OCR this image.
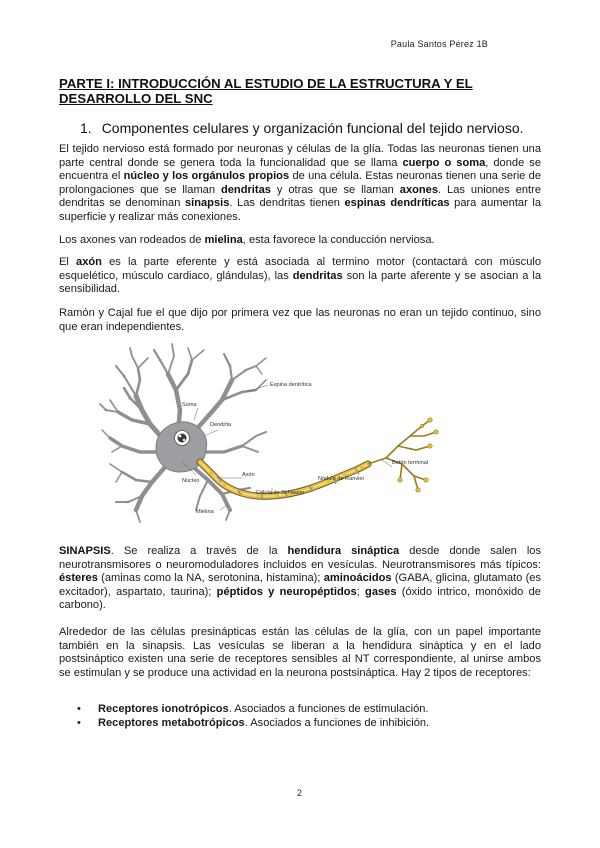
Paula Santos Pérez 1B
PARTE I: INTRODUCCIÓN AL ESTUDIO DE LA ESTRUCTURA Y EL DESARROLLO DEL SNC
1. Componentes celulares y organización funcional del tejido nervioso.
El tejido nervioso está formado por neuronas y células de la glía. Todas las neuronas tienen una parte central donde se genera toda la funcionalidad que se llama cuerpo o soma, donde se encuentra el núcleo y los orgánulos propios de una célula. Estas neuronas tienen una serie de prolongaciones que se llaman dendritas y otras que se llaman axones. Las uniones entre dendritas se denominan sinapsis. Las dendritas tienen espinas dendríticas para aumentar la superficie y realizar más conexiones.
Los axones van rodeados de mielina, esta favorece la conducción nerviosa.
El axón es la parte eferente y está asociada al termino motor (contactará con músculo esquelético, músculo cardiaco, glándulas), las dendritas son la parte aferente y se asocian a la sensibilidad.
Ramón y Cajal fue el que dijo por primera vez que las neuronas no eran un tejido continuo, sino que eran independientes.
Espina dentrítica
Soma
Dendrita
Núcleo
Axón
Célula de Schwann
Mielina
Botón terminal
Nódulo de Ranvier
SINAPSIS. Se realiza a través de la hendidura sináptica desde donde salen los neurotransmisores o neuromoduladores incluidos en vesículas. Neurotransmisores más típicos: ésteres (aminas como la NA, serotonina, histamina); aminoácidos (GABA, glicina, glutamato (es excitador), aspartato, taurina); péptidos y neuropéptidos; gases (óxido intrico, monóxido de carbono).
Alrededor de las células presinápticas están las células de la glía, con un papel importante también en la sinapsis. Las vesículas se liberan a la hendidura sináptica y en el lado postsináptico existen una serie de receptores sensibles al NT correspondiente, al unirse ambos se estimulan y se produce una actividad en la neurona postsináptica. Hay 2 tipos de receptores:
• Receptores ionotrópicos. Asociados a funciones de estimulación.
• Receptores metabotrópicos. Asociados a funciones de inhibición.
2
